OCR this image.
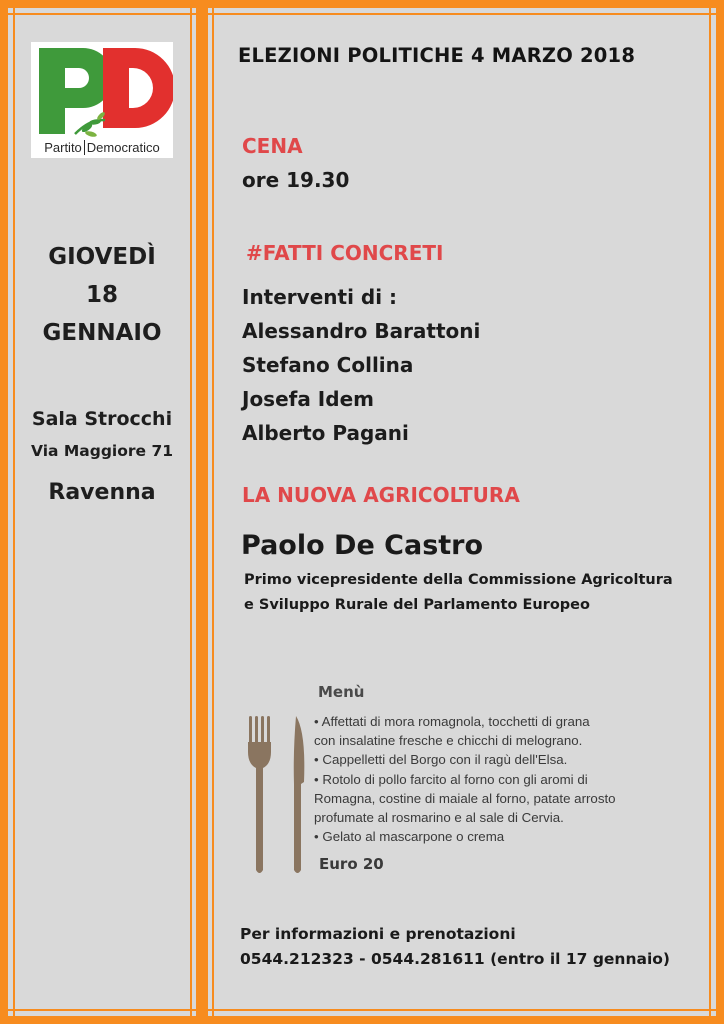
Partito Democratico
GIOVEDÌ
18
GENNAIO
Sala Strocchi
Via Maggiore 71
Ravenna
ELEZIONI POLITICHE 4 MARZO 2018
CENA
ore 19.30
#FATTI CONCRETI
Interventi di :
Alessandro Barattoni
Stefano Collina
Josefa Idem
Alberto Pagani
LA NUOVA AGRICOLTURA
Paolo De Castro
Primo vicepresidente della Commissione Agricoltura
e Sviluppo Rurale del Parlamento Europeo
Menù
• Affettati di mora romagnola, tocchetti di grana
con insalatine fresche e chicchi di melograno.
• Cappelletti del Borgo con il ragù dell'Elsa.
• Rotolo di pollo farcito al forno con gli aromi di
Romagna, costine di maiale al forno, patate arrosto
profumate al rosmarino e al sale di Cervia.
• Gelato al mascarpone o crema
Euro 20
Per informazioni e prenotazioni
0544.212323 - 0544.281611 (entro il 17 gennaio)
